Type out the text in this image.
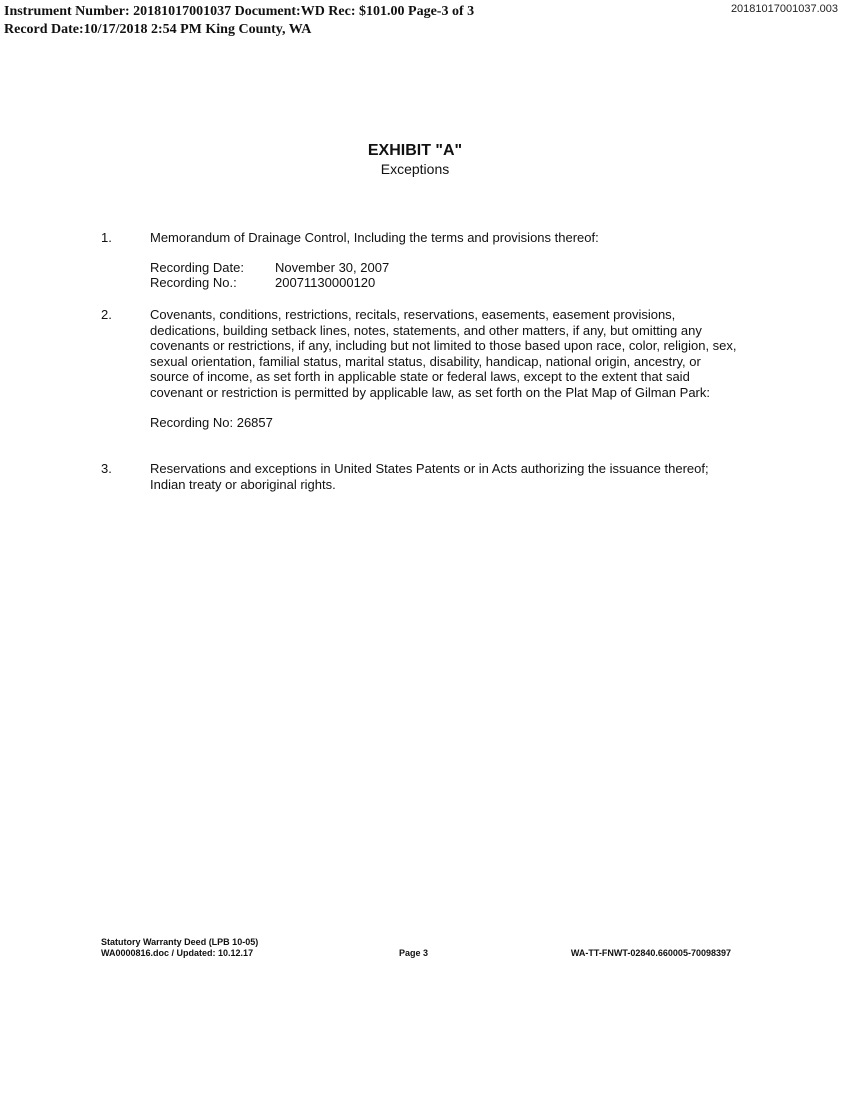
Instrument Number: 20181017001037 Document:WD Rec: $101.00 Page-3 of 3
Record Date:10/17/2018 2:54 PM King County, WA
20181017001037.003
EXHIBIT "A"
Exceptions
1.	Memorandum of Drainage Control, Including the terms and provisions thereof:

Recording Date:	November 30, 2007
Recording No.:	20071130000120
2.	Covenants, conditions, restrictions, recitals, reservations, easements, easement provisions, dedications, building setback lines, notes, statements, and other matters, if any, but omitting any covenants or restrictions, if any, including but not limited to those based upon race, color, religion, sex, sexual orientation, familial status, marital status, disability, handicap, national origin, ancestry, or source of income, as set forth in applicable state or federal laws, except to the extent that said covenant or restriction is permitted by applicable law, as set forth on the Plat Map of Gilman Park:

Recording No: 26857
3.	Reservations and exceptions in United States Patents or in Acts authorizing the issuance thereof; Indian treaty or aboriginal rights.

Statutory Warranty Deed (LPB 10-05)
WA0000816.doc / Updated: 10.12.17	Page 3	WA-TT-FNWT-02840.660005-70098397
